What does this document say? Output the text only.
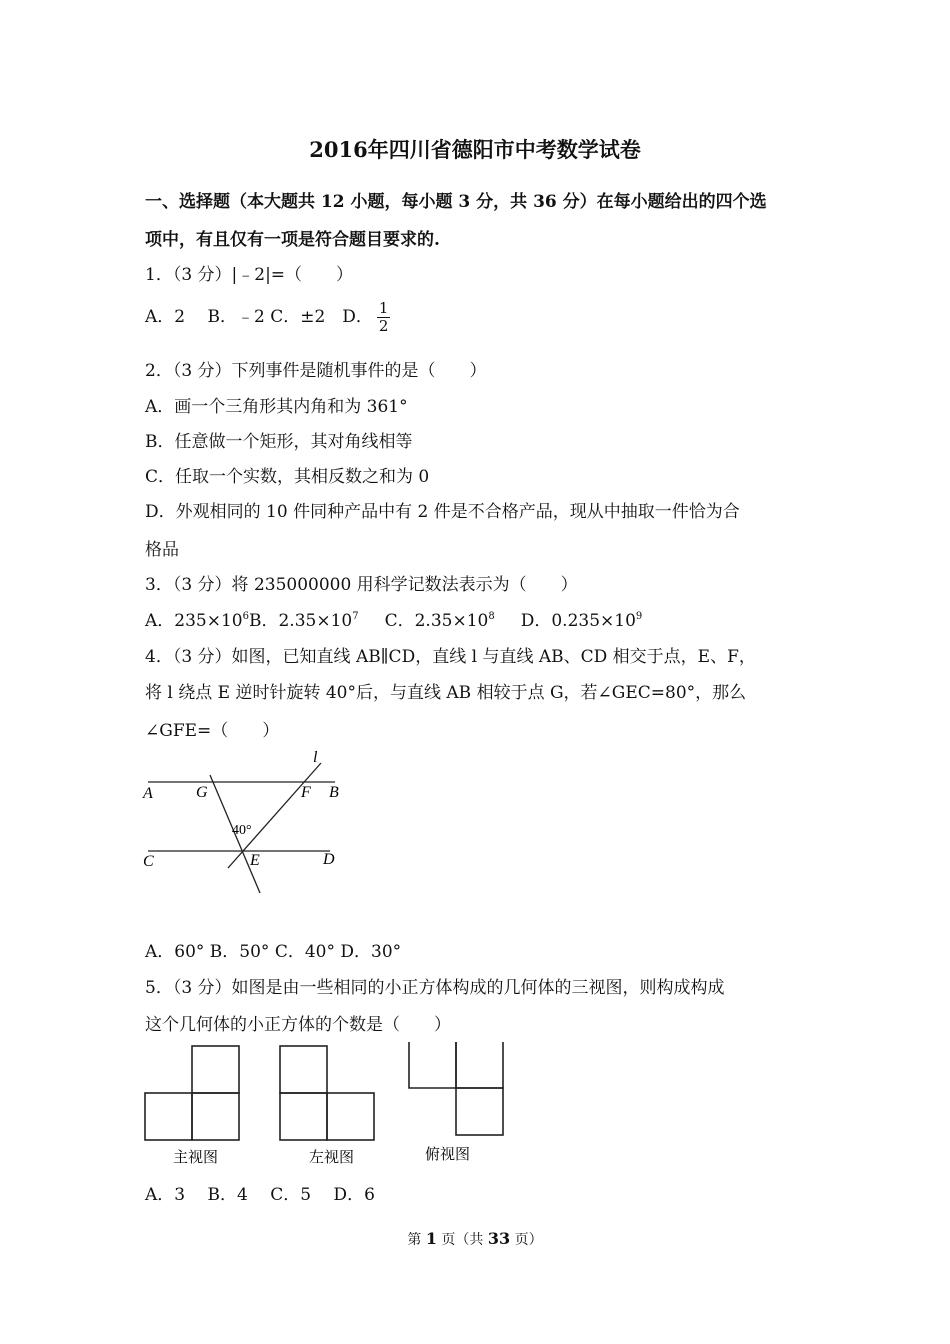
2016年四川省德阳市中考数学试卷
一、选择题（本大题共 12 小题，每小题 3 分，共 36 分）在每小题给出的四个选
项中，有且仅有一项是符合题目要求的.
1．（3 分）|﹣2|=（　　）
A．2　 B．﹣2 C．±2　D． $\frac{1}{2}$
2．（3 分）下列事件是随机事件的是（　　）
A．画一个三角形其内角和为 361°
B．任意做一个矩形，其对角线相等
C．任取一个实数，其相反数之和为 0
D．外观相同的 10 件同种产品中有 2 件是不合格产品，现从中抽取一件恰为合
格品
3．（3 分）将 235000000 用科学记数法表示为（　　）
A．$235\times 10^6B$．$2.35\times 10^7$ C．$2.35\times 10^8$ D．$0.235\times 10^9$
4．（3 分）如图，已知直线 AB∥CD，直线 l 与直线 AB、CD 相交于点，E、F，
将 l 绕点 E 逆时针旋转 40°后，与直线 AB 相较于点 G，若∠GEC=80°，那么
∠GFE=（　　）
A	G	F B
l
40°
C	E	D
A．60° B．50° C．40° D．30°
5．（3 分）如图是由一些相同的小正方体构成的几何体的三视图，则构成构成
这个几何体的小正方体的个数是（　　）
主视图	左视图	俯视图
A．3　 B．4　 C．5　 D．6
第 1 页（共 33 页）
